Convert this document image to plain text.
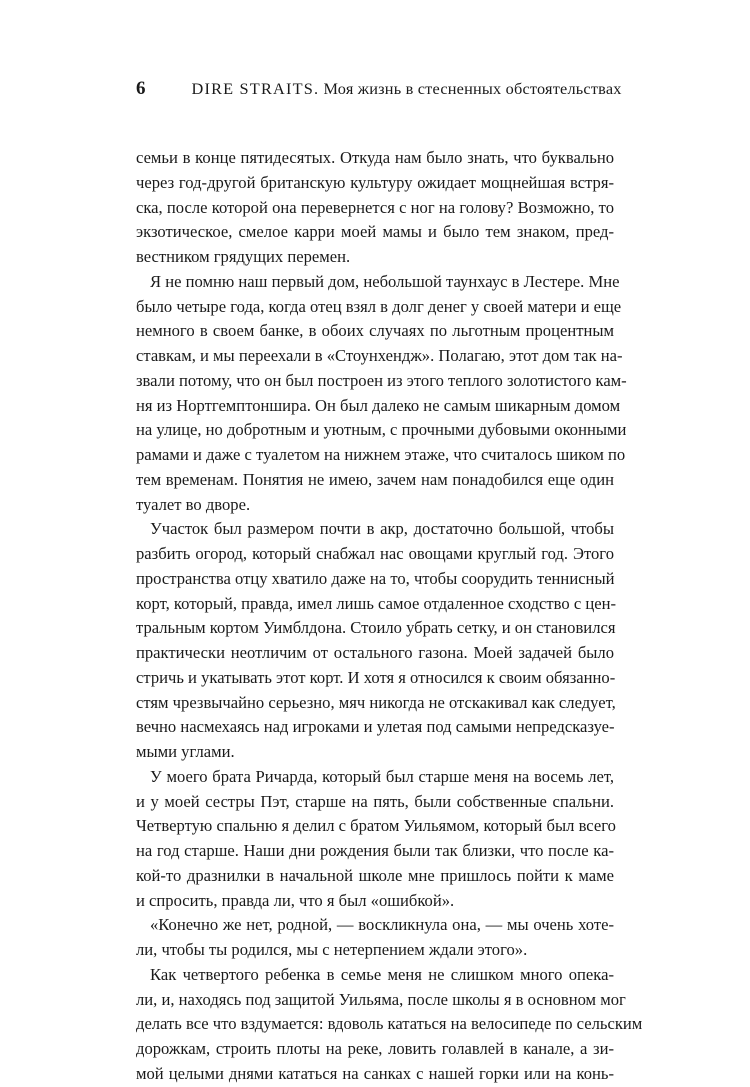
6	DIRE STRAITS. Моя жизнь в стесненных обстоятельствах
семьи в конце пятидесятых. Откуда нам было знать, что буквально
через год-другой британскую культуру ожидает мощнейшая встря-
ска, после которой она перевернется с ног на голову? Возможно, то
экзотическое, смелое карри моей мамы и было тем знаком, пред-
вестником грядущих перемен.
Я не помню наш первый дом, небольшой таунхаус в Лестере. Мне
было четыре года, когда отец взял в долг денег у своей матери и еще
немного в своем банке, в обоих случаях по льготным процентным
ставкам, и мы переехали в «Стоунхендж». Полагаю, этот дом так на-
звали потому, что он был построен из этого теплого золотистого кам-
ня из Нортгемптоншира. Он был далеко не самым шикарным домом
на улице, но добротным и уютным, с прочными дубовыми оконными
рамами и даже с туалетом на нижнем этаже, что считалось шиком по
тем временам. Понятия не имею, зачем нам понадобился еще один
туалет во дворе.
Участок был размером почти в акр, достаточно большой, чтобы
разбить огород, который снабжал нас овощами круглый год. Этого
пространства отцу хватило даже на то, чтобы соорудить теннисный
корт, который, правда, имел лишь самое отдаленное сходство с цен-
тральным кортом Уимблдона. Стоило убрать сетку, и он становился
практически неотличим от остального газона. Моей задачей было
стричь и укатывать этот корт. И хотя я относился к своим обязанно-
стям чрезвычайно серьезно, мяч никогда не отскакивал как следует,
вечно насмехаясь над игроками и улетая под самыми непредсказуе-
мыми углами.
У моего брата Ричарда, который был старше меня на восемь лет,
и у моей сестры Пэт, старше на пять, были собственные спальни.
Четвертую спальню я делил с братом Уильямом, который был всего
на год старше. Наши дни рождения были так близки, что после ка-
кой-то дразнилки в начальной школе мне пришлось пойти к маме
и спросить, правда ли, что я был «ошибкой».
«Конечно же нет, родной, — воскликнула она, — мы очень хоте-
ли, чтобы ты родился, мы с нетерпением ждали этого».
Как четвертого ребенка в семье меня не слишком много опека-
ли, и, находясь под защитой Уильяма, после школы я в основном мог
делать все что вздумается: вдоволь кататься на велосипеде по сельским
дорожкам, строить плоты на реке, ловить голавлей в канале, а зи-
мой целыми днями кататься на санках с нашей горки или на конь-
